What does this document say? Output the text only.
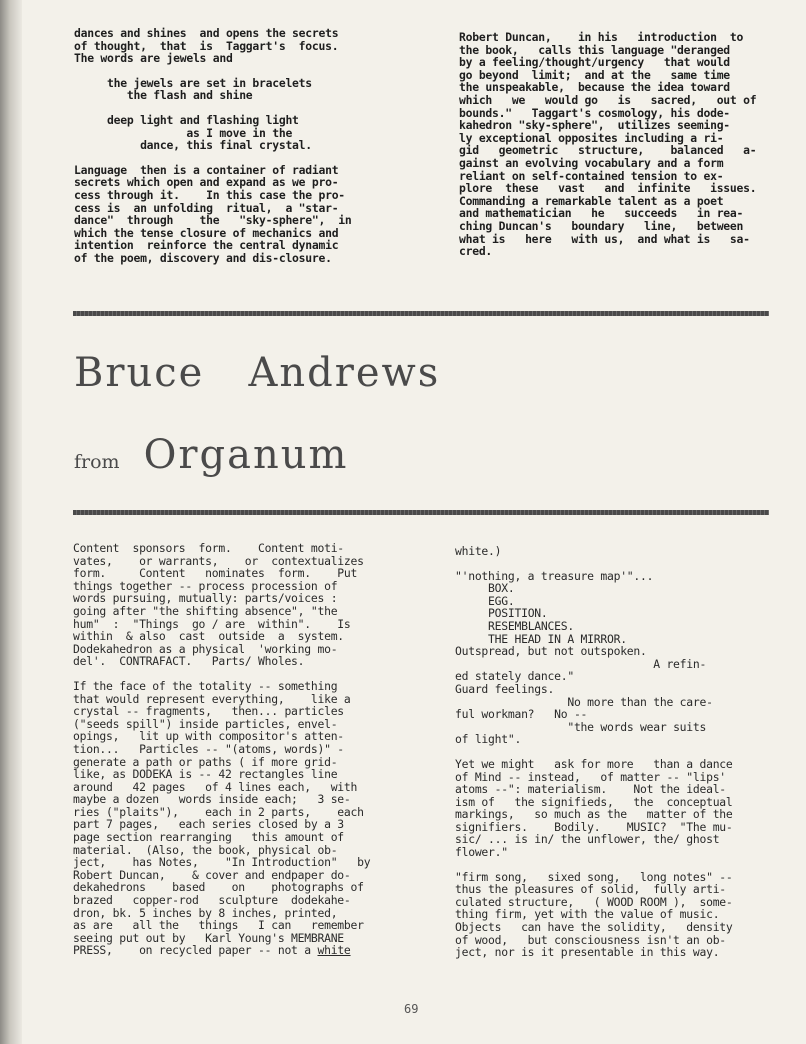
dances and shines  and opens the secrets
of thought,  that  is  Taggart's  focus.
The words are jewels and

the jewels are set in bracelets
the flash and shine

deep light and flashing light
as I move in the
dance, this final crystal.

Language  then is a container of radiant
secrets which open and expand as we pro-
cess through it.    In this case the pro-
cess is  an unfolding  ritual,  a "star-
dance"  through    the   "sky-sphere",  in
which the tense closure of mechanics and
intention  reinforce the central dynamic
of the poem, discovery and dis-closure.

Robert Duncan,    in his   introduction  to
the book,   calls this language "deranged
by a feeling/thought/urgency   that would
go beyond  limit;  and at the   same time
the unspeakable,  because the idea toward
which   we   would go   is   sacred,   out of
bounds."   Taggart's cosmology, his dode-
kahedron "sky-sphere",  utilizes seeming-
ly exceptional opposites including a ri-
gid   geometric   structure,    balanced   a-
gainst an evolving vocabulary and a form
reliant on self-contained tension to ex-
plore  these   vast   and  infinite   issues.
Commanding a remarkable talent as a poet
and mathematician   he   succeeds   in rea-
ching Duncan's   boundary   line,   between
what is   here   with us,  and what is   sa-
cred.

Bruce   Andrews
from Organum

Content  sponsors  form.    Content moti-
vates,    or warrants,    or  contextualizes
form.     Content   nominates  form.    Put
things together -- process procession of
words pursuing, mutually: parts/voices :
going after "the shifting absence", "the
hum"  :  "Things  go / are  within".    Is
within  & also  cast  outside  a  system.
Dodekahedron as a physical  'working mo-
del'.  CONTRAFACT.   Parts/ Wholes.

If the face of the totality -- something
that would represent everything,    like a
crystal -- fragments,   then... particles
("seeds spill") inside particles, envel-
opings,   lit up with compositor's atten-
tion...   Particles -- "(atoms, words)" -
generate a path or paths ( if more grid-
like, as DODEKA is -- 42 rectangles line
around   42 pages   of 4 lines each,   with
maybe a dozen   words inside each;   3 se-
ries ("plaits"),    each in 2 parts,    each
part 7 pages,   each series closed by a 3
page section rearranging   this amount of
material.  (Also, the book, physical ob-
ject,    has Notes,    "In Introduction"   by
Robert Duncan,    & cover and endpaper do-
dekahedrons    based    on    photographs of
brazed   copper-rod   sculpture  dodekahe-
dron, bk. 5 inches by 8 inches, printed,
as are   all the   things   I can   remember
seeing put out by   Karl Young's MEMBRANE
PRESS,    on recycled paper -- not a white

white.)

"'nothing, a treasure map'"...
BOX.
EGG.
POSITION.
RESEMBLANCES.
THE HEAD IN A MIRROR.
Outspread, but not outspoken.
A refin-
ed stately dance."
Guard feelings.
No more than the care-
ful workman?   No --
"the words wear suits
of light".

Yet we might   ask for more   than a dance
of Mind -- instead,   of matter -- "lips'
atoms --": materialism.    Not the ideal-
ism of   the signifieds,   the  conceptual
markings,   so much as the   matter of the
signifiers.    Bodily.    MUSIC?  "The mu-
sic/ ... is in/ the unflower, the/ ghost
flower."

"firm song,   sixed song,   long notes" --
thus the pleasures of solid,  fully arti-
culated structure,   ( WOOD ROOM ),  some-
thing firm, yet with the value of music.
Objects   can have the solidity,   density
of wood,   but consciousness isn't an ob-
ject, nor is it presentable in this way.

69
